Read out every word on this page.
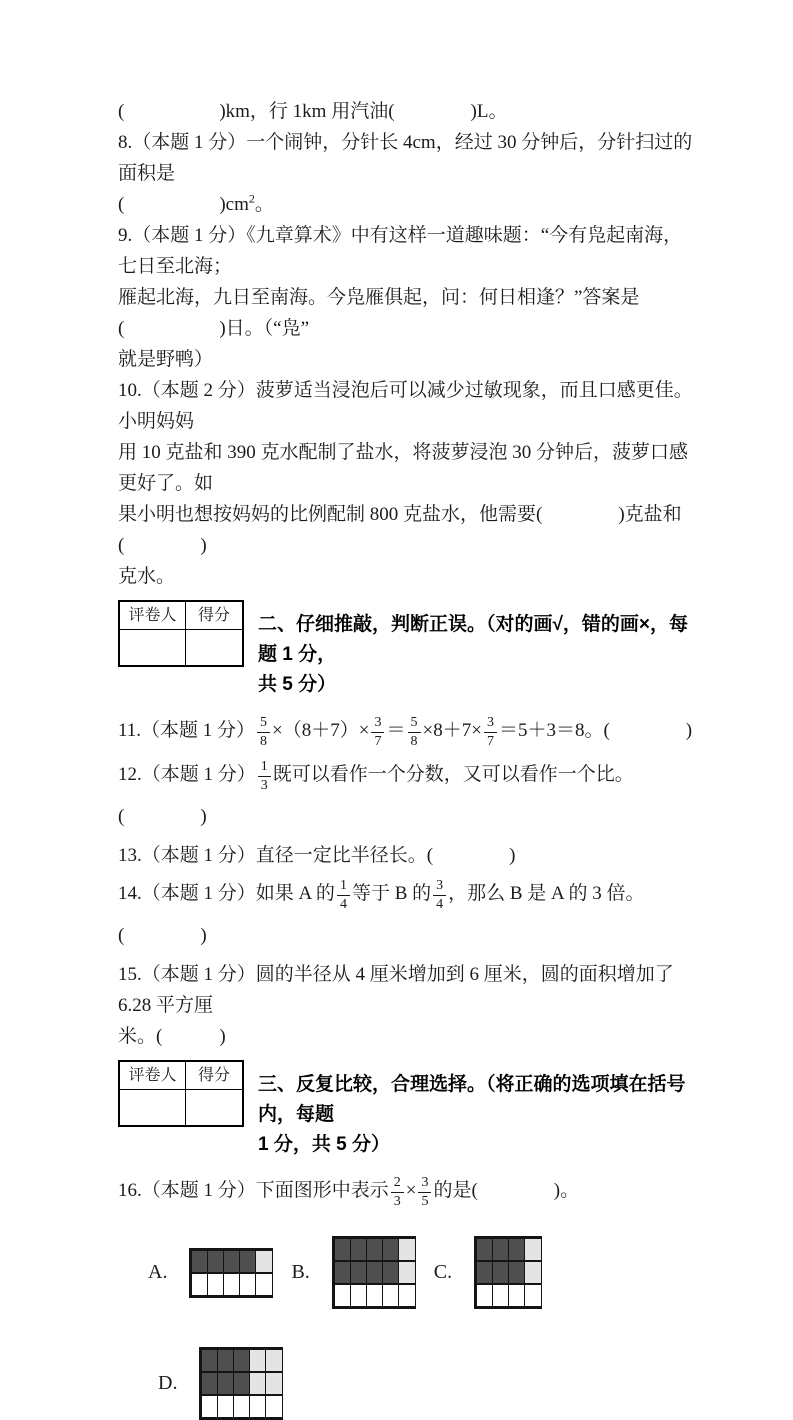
(　　　　　)km，行 1km 用汽油(　　　　)L。
8.（本题 1 分）一个闹钟，分针长 4cm，经过 30 分钟后，分针扫过的面积是
(　　　　　)$cm^2$。
9.（本题 1 分）《九章算术》中有这样一道趣味题：“今有凫起南海，七日至北海；
雁起北海，九日至南海。今凫雁俱起，问：何日相逢？”答案是(　　　　　)日。（“凫”
就是野鸭）
10.（本题 2 分）菠萝适当浸泡后可以减少过敏现象，而且口感更佳。小明妈妈
用 10 克盐和 390 克水配制了盐水，将菠萝浸泡 30 分钟后，菠萝口感更好了。如
果小明也想按妈妈的比例配制 800 克盐水，他需要(　　　　)克盐和(　　　　)
克水。
评卷人	得分	二、仔细推敲，判断正误。（对的画√，错的画×，每题 1 分，
共 5 分）
11.（本题 1 分） $\frac{5}{8} \times(8+7)\times \frac{3}{7} = \frac{5}{8} \times 8+7\times \frac{3}{7} =5+3=8$。(　　　　)
12.（本题 1 分） $\frac{1}{3}$ 既可以看作一个分数，又可以看作一个比。(　　　　)
13.（本题 1 分）直径一定比半径长。(　　　　)
14.（本题 1 分）如果 A 的 $\frac{1}{4}$ 等于 B 的 $\frac{3}{4}$ ，那么 B 是 A 的 3 倍。(　　　　)
15.（本题 1 分）圆的半径从 4 厘米增加到 6 厘米，圆的面积增加了 6.28 平方厘
米。(　　　)
评卷人	得分	三、反复比较，合理选择。（将正确的选项填在括号内，每题
1 分，共 5 分）
16.（本题 1 分）下面图形中表示 $\frac{2}{3} \times \frac{3}{5}$ 的是(　　　　)。
A.	B.	C.
D.
